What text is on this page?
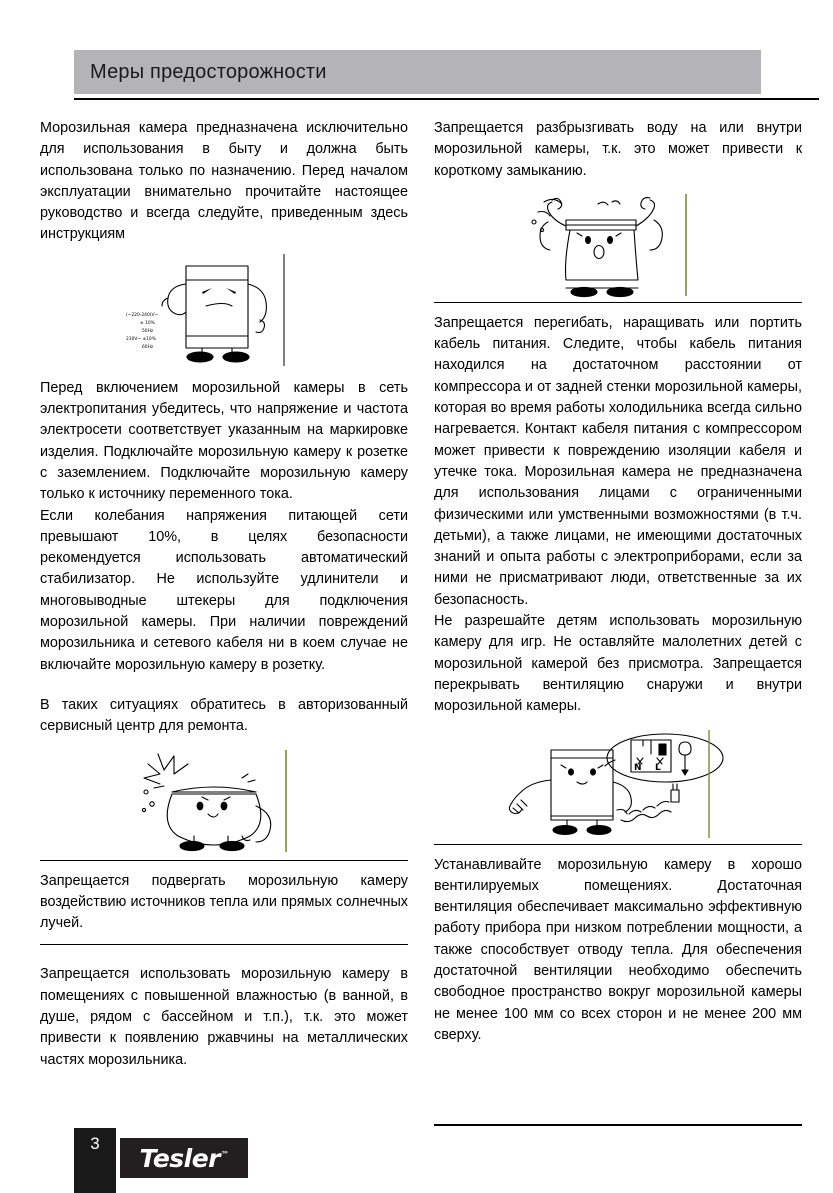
Меры предосторожности

Морозильная камера предназначена исключительно для использования в быту и должна быть использована только по назначению. Перед началом эксплуатации внимательно прочитайте настоящее руководство и всегда следуйте, приведенным здесь инструкциям

(~220-240)V~
± 10%
50Hz
230V~ ±10%
60Hz

Перед включением морозильной камеры в сеть электропитания убедитесь, что напряжение и частота электросети соответствует указанным на маркировке изделия. Подключайте морозильную камеру к розетке с заземлением. Подключайте морозильную камеру только к источнику переменного тока.

Если колебания напряжения питающей сети превышают 10%, в целях безопасности рекомендуется использовать автоматический стабилизатор. Не используйте удлинители и многовыводные штекеры для подключения морозильной камеры. При наличии повреждений морозильника и сетевого кабеля ни в коем случае не включайте морозильную камеру в розетку.

В таких ситуациях обратитесь в авторизованный сервисный центр для ремонта.

Запрещается подвергать морозильную камеру воздействию источников тепла или прямых солнечных лучей.

Запрещается использовать морозильную камеру в помещениях с повышенной влажностью (в ванной, в душе, рядом с бассейном и т.п.), т.к. это может привести к появлению ржавчины на металлических частях морозильника.

Запрещается разбрызгивать воду на или внутри морозильной камеры, т.к. это может привести к короткому замыканию.

Запрещается перегибать, наращивать или портить кабель питания. Следите, чтобы кабель питания находился на достаточном расстоянии от компрессора и от задней стенки морозильной камеры, которая во время работы холодильника всегда сильно нагревается. Контакт кабеля питания с компрессором может привести к повреждению изоляции кабеля и утечке тока. Морозильная камера не предназначена для использования лицами с ограниченными физическими или умственными возможностями (в т.ч. детьми), а также лицами, не имеющими достаточных знаний и опыта работы с электроприборами, если за ними не присматривают люди, ответственные за их безопасность.

Не разрешайте детям использовать морозильную камеру для игр. Не оставляйте малолетних детей с морозильной камерой без присмотра. Запрещается перекрывать вентиляцию снаружи и внутри морозильной камеры.

N L

Устанавливайте морозильную камеру в хорошо вентилируемых помещениях. Достаточная вентиляция обеспечивает максимально эффективную работу прибора при низком потреблении мощности, а также способствует отводу тепла. Для обеспечения достаточной вентиляции необходимо обеспечить свободное пространство вокруг морозильной камеры не менее 100 мм со всех сторон и не менее 200 мм сверху.

3	Tesler™
